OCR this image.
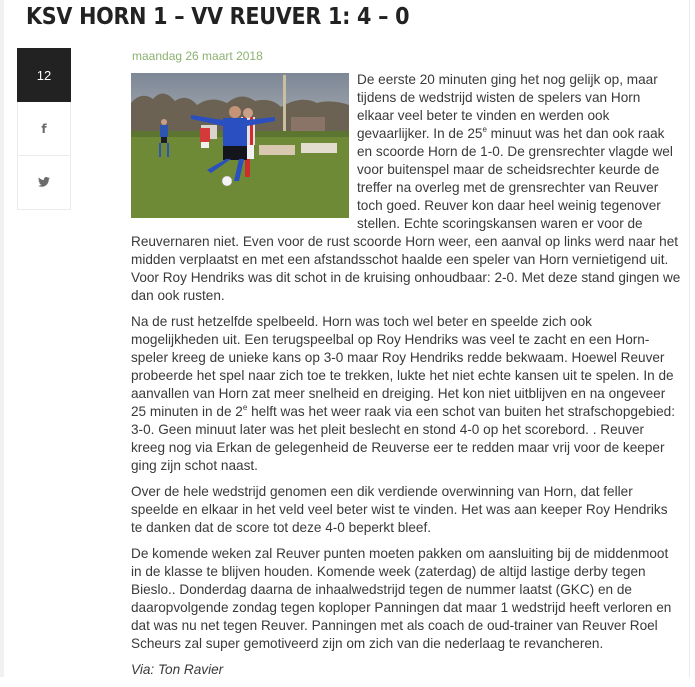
KSV HORN 1 – VV REUVER 1: 4 – 0
12
f
maandag 26 maart 2018

De eerste 20 minuten ging het nog gelijk op, maar tijdens de wedstrijd wisten de spelers van Horn elkaar veel beter te vinden en werden ook gevaarlijker. In de 25e minuut was het dan ook raak en scoorde Horn de 1-0. De grensrechter vlagde wel voor buitenspel maar de scheidsrechter keurde de treffer na overleg met de grensrechter van Reuver toch goed. Reuver kon daar heel weinig tegenover stellen. Echte scoringskansen waren er voor de Reuvernaren niet. Even voor de rust scoorde Horn weer, een aanval op links werd naar het midden verplaatst en met een afstandsschot haalde een speler van Horn vernietigend uit. Voor Roy Hendriks was dit schot in de kruising onhoudbaar: 2-0. Met deze stand gingen we dan ook rusten.

Na de rust hetzelfde spelbeeld. Horn was toch wel beter en speelde zich ook mogelijkheden uit. Een terugspeelbal op Roy Hendriks was veel te zacht en een Horn-speler kreeg de unieke kans op 3-0 maar Roy Hendriks redde bekwaam. Hoewel Reuver probeerde het spel naar zich toe te trekken, lukte het niet echte kansen uit te spelen. In de aanvallen van Horn zat meer snelheid en dreiging. Het kon niet uitblijven en na ongeveer 25 minuten in de 2e helft was het weer raak via een schot van buiten het strafschopgebied: 3-0. Geen minuut later was het pleit beslecht en stond 4-0 op het scorebord. . Reuver kreeg nog via Erkan de gelegenheid de Reuverse eer te redden maar vrij voor de keeper ging zijn schot naast.

Over de hele wedstrijd genomen een dik verdiende overwinning van Horn, dat feller speelde en elkaar in het veld veel beter wist te vinden. Het was aan keeper Roy Hendriks te danken dat de score tot deze 4-0 beperkt bleef.

De komende weken zal Reuver punten moeten pakken om aansluiting bij de middenmoot in de klasse te blijven houden. Komende week (zaterdag) de altijd lastige derby tegen Bieslo.. Donderdag daarna de inhaalwedstrijd tegen de nummer laatst (GKC) en de daaropvolgende zondag tegen koploper Panningen dat maar 1 wedstrijd heeft verloren en dat was nu net tegen Reuver. Panningen met als coach de oud-trainer van Reuver Roel Scheurs zal super gemotiveerd zijn om zich van die nederlaag te revancheren.

Via: Ton Ravier
